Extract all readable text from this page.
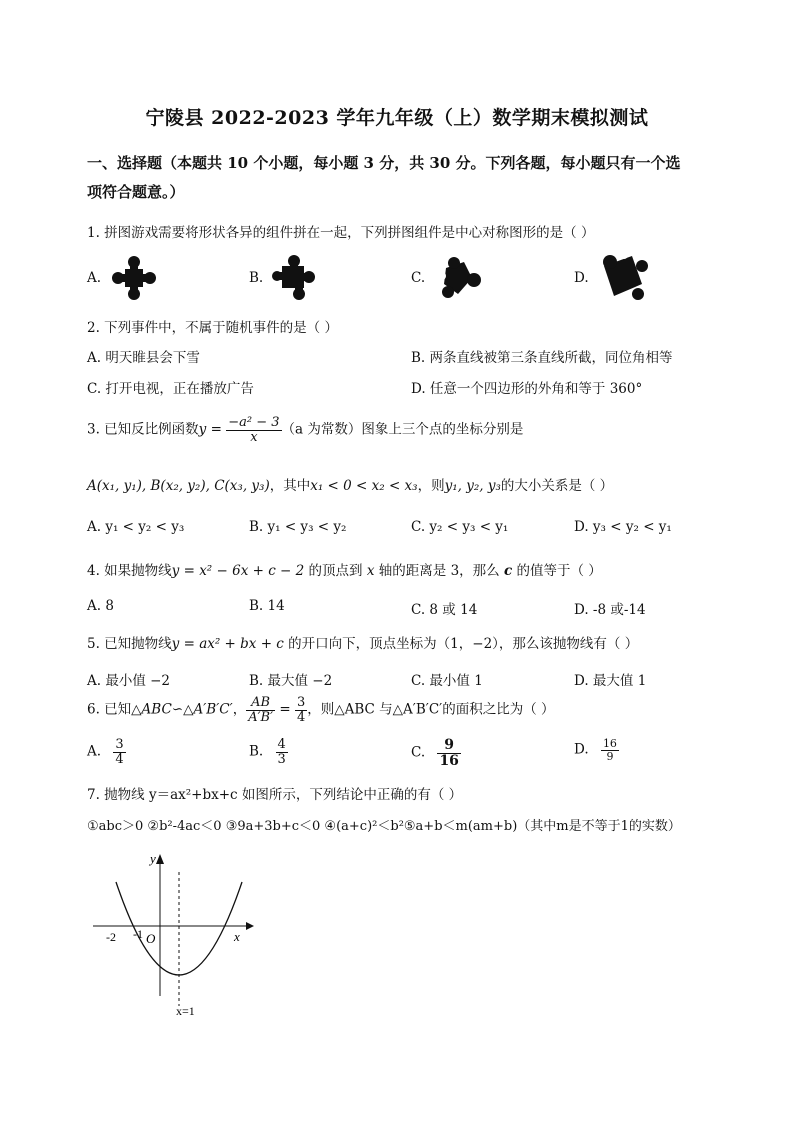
宁陵县 2022-2023 学年九年级（上）数学期末模拟测试
一、选择题（本题共 10 个小题，每小题 3 分，共 30 分。下列各题，每小题只有一个选
项符合题意。）
1. 拼图游戏需要将形状各异的组件拼在一起，下列拼图组件是中心对称图形的是（ ）
A.	B.	C.	D.
2. 下列事件中，不属于随机事件的是（ ）
A. 明天睢县会下雪	B. 两条直线被第三条直线所截，同位角相等
C. 打开电视，正在播放广告	D. 任意一个四边形的外角和等于 360°
3. 已知反比例函数$y = \frac{\text{−a² − 3}}{x} (a$ 为常数）图象上三个点的坐标分别是
A(x₁, y₁), B(x₂, y₂), C(x₃, y₃)，其中x₁ < 0 < x₂ < x₃，则y₁, y₂, y₃的大小关系是（ ）
A. y₁ < y₂ < y₃	B. y₁ < y₃ < y₂	C. y₂ < y₃ < y₁	D. y₃ < y₂ < y₁
4. 如果抛物线y = x² − 6x + c − 2 的顶点到 x 轴的距离是 3，那么 c 的值等于（ ）
A. 8	B. 14	C. 8 或 14	D. -8 或-14
5. 已知抛物线y = ax² + bx + c 的开口向下，顶点坐标为（1，−2），那么该抛物线有（ ）
A. 最小值 −2	B. 最大值 −2	C. 最小值 1	D. 最大值 1
6. 已知△ABC∽△A′B′C′， $\frac{AB}{A'B'} = \frac{3}{4}$ ，则△ABC 与△A′B′C′的面积之比为（ ）
A. $\frac{3}{4}$	B. $\frac{4}{3}$	C. $\frac{9}{16}$	D. $\frac{16}{9}$
7. 抛物线 y＝ax²+bx+c 如图所示，下列结论中正确的有（ ）
①abc＞0 ②b²-4ac＜0 ③9a+3b+c＜0 ④(a+c)²＜b²⑤a+b＜m(am+b)（其中m是不等于1的实数）
y
x
O
-2 -1
x=1
